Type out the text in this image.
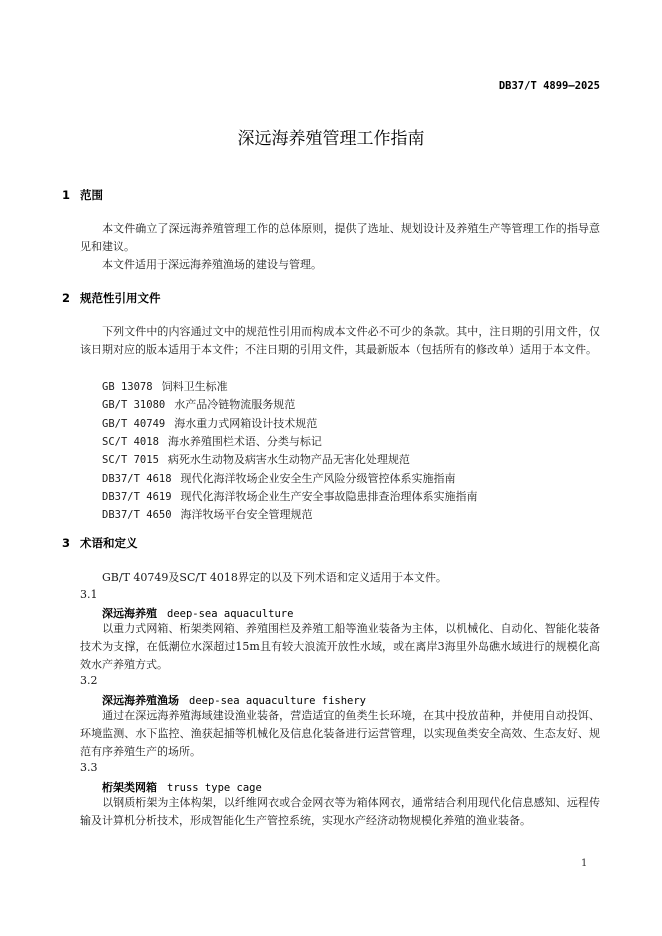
DB37/T 4899—2025
深远海养殖管理工作指南
1 范围
本文件确立了深远海养殖管理工作的总体原则，提供了选址、规划设计及养殖生产等管理工作的指导意见和建议。
本文件适用于深远海养殖渔场的建设与管理。
2 规范性引用文件
下列文件中的内容通过文中的规范性引用而构成本文件必不可少的条款。其中，注日期的引用文件，仅该日期对应的版本适用于本文件；不注日期的引用文件，其最新版本（包括所有的修改单）适用于本文件。
GB 13078 饲料卫生标准
GB/T 31080 水产品冷链物流服务规范
GB/T 40749 海水重力式网箱设计技术规范
SC/T 4018 海水养殖围栏术语、分类与标记
SC/T 7015 病死水生动物及病害水生动物产品无害化处理规范
DB37/T 4618 现代化海洋牧场企业安全生产风险分级管控体系实施指南
DB37/T 4619 现代化海洋牧场企业生产安全事故隐患排查治理体系实施指南
DB37/T 4650 海洋牧场平台安全管理规范
3 术语和定义
GB/T 40749及SC/T 4018界定的以及下列术语和定义适用于本文件。
3.1
深远海养殖 deep-sea aquaculture
以重力式网箱、桁架类网箱、养殖围栏及养殖工船等渔业装备为主体，以机械化、自动化、智能化装备技术为支撑，在低潮位水深超过15m且有较大浪流开放性水域，或在离岸3海里外岛礁水域进行的规模化高效水产养殖方式。
3.2
深远海养殖渔场 deep-sea aquaculture fishery
通过在深远海养殖海域建设渔业装备，营造适宜的鱼类生长环境，在其中投放苗种，并使用自动投饵、环境监测、水下监控、渔获起捕等机械化及信息化装备进行运营管理，以实现鱼类安全高效、生态友好、规范有序养殖生产的场所。
3.3
桁架类网箱 truss type cage
以钢质桁架为主体构架，以纤维网衣或合金网衣等为箱体网衣，通常结合利用现代化信息感知、远程传输及计算机分析技术，形成智能化生产管控系统，实现水产经济动物规模化养殖的渔业装备。
1
